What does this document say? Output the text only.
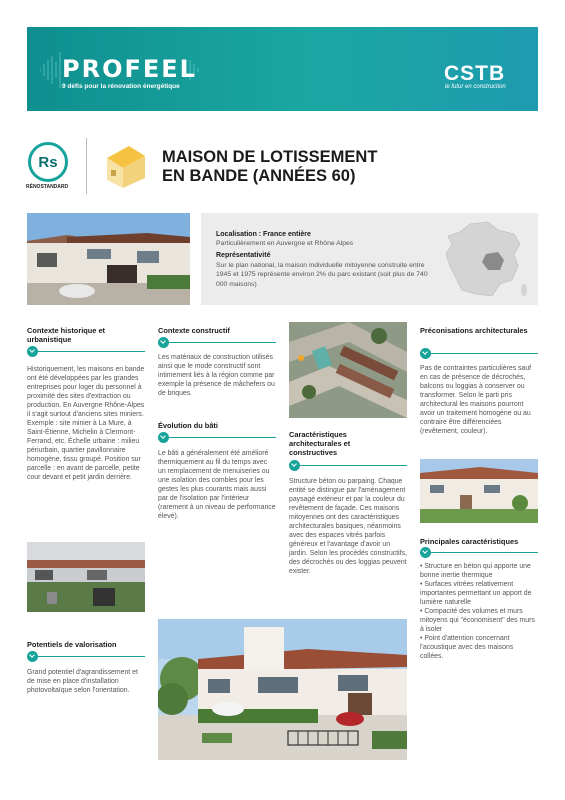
PROFEEL
9 défis pour la rénovation énergétique
CSTB
le futur en construction
Rs
RÉNOSTANDARD
MAISON DE LOTISSEMENT
EN BANDE (ANNÉES 60)
Localisation : France entière
Particulièrement en Auvergne et Rhône Alpes
Représentativité
Sur le plan national, la maison individuelle mitoyenne construite entre 1945 et 1975 représente environ 2% du parc existant (soit plus de 740 000 maisons)
Contexte historique et urbanistique
Historiquement, les maisons en bande ont été développées par les grandes entreprises pour loger du personnel à proximité des sites d'extraction ou production. En Auvergne Rhône-Alpes il s'agit surtout d'anciens sites miniers. Exemple : site minier à La Mure, à Saint-Étienne, Michelin à Clermont-Ferrand, etc. Échelle urbaine : milieu périurbain, quartier pavillonnaire homogène, tissu groupé. Position sur parcelle : en avant de parcelle, petite cour devant et petit jardin derrière.
Potentiels de valorisation
Grand potentiel d'agrandissement et de mise en place d'installation photovoltaïque selon l'orientation.
Contexte constructif
Les matériaux de construction utilisés ainsi que le mode constructif sont intimement liés à la région comme par exemple la présence de mâchefers ou de briques.
Évolution du bâti
Le bâti a généralement été amélioré thermiquement au fil du temps avec un remplacement de menuiseries ou une isolation des combles pour les gestes les plus courants mais aussi par de l'isolation par l'intérieur (rarement à un niveau de performance élevé).
Caractéristiques architecturales et constructives
Structure béton ou parpaing. Chaque entité se distingue par l'aménagement paysagé extérieur et par la couleur du revêtement de façade. Ces maisons mitoyennes ont des caractéristiques architecturales basiques, néanmoins avec des espaces vitrés parfois généreux et l'avantage d'avoir un jardin. Selon les procédés constructifs, des décrochés ou des loggias peuvent exister.
Préconisations architecturales
Pas de contraintes particulières sauf en cas de présence de décrochés, balcons ou loggias à conserver ou transformer. Selon le parti pris architectural les maisons pourront avoir un traitement homogène ou au contraire être différenciées (revêtement, couleur).
Principales caractéristiques
• Structure en béton qui apporte une bonne inertie thermique
• Surfaces vitrées relativement importantes permettant un apport de lumière naturelle
• Compacité des volumes et murs mitoyens qui "économisent" des murs à isoler
• Point d'attention concernant l'acoustique avec des maisons collées.
